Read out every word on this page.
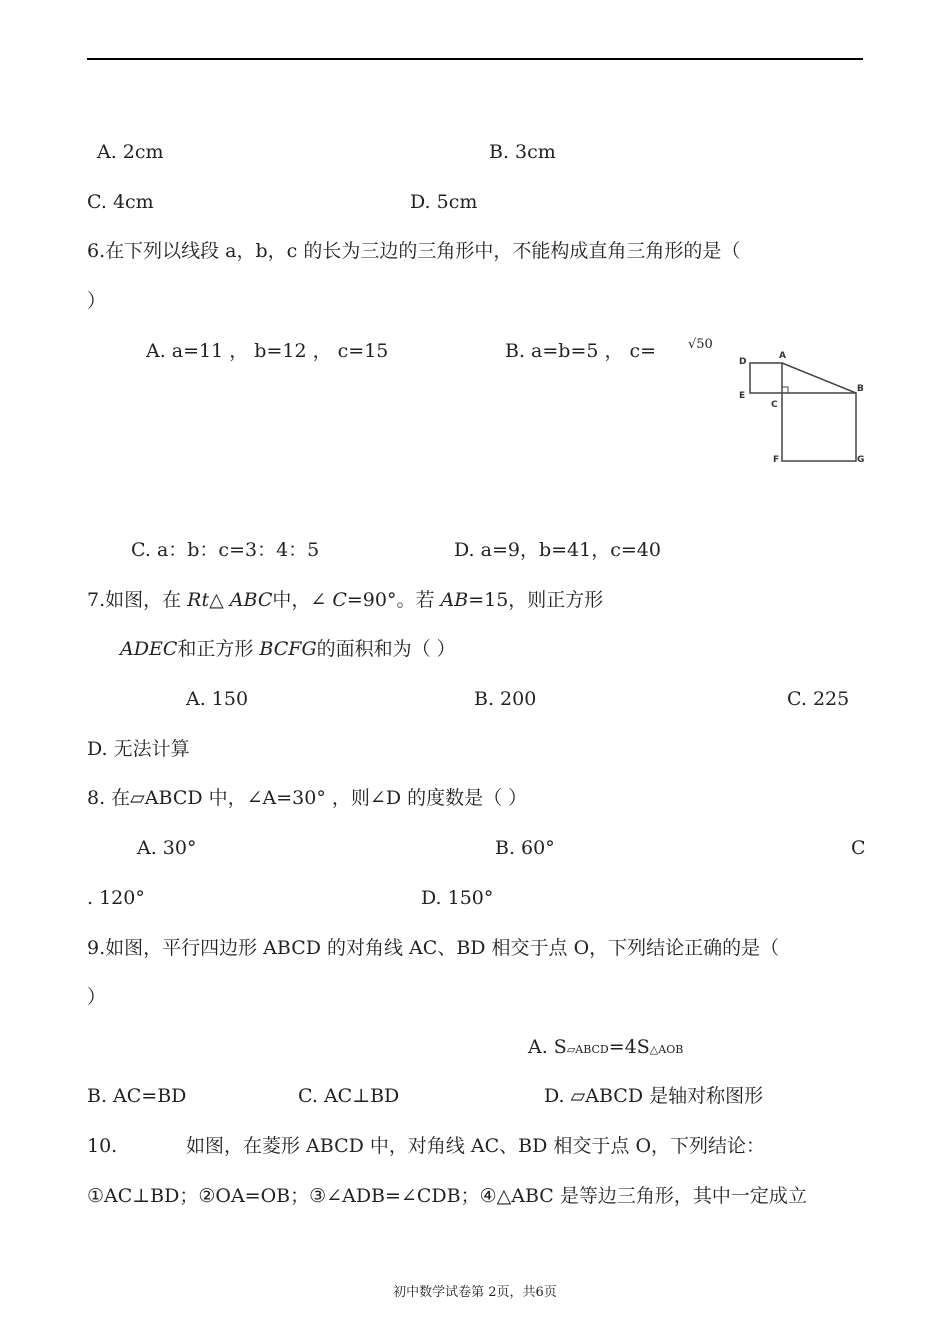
A. 2cm	B. 3cm
C. 4cm	D. 5cm
6.在下列以线段 a，b，c 的长为三边的三角形中，不能构成直角三角形的是（
）
A. a=11 ， b=12 ， c=15	B. a=b=5 ， c= √50
D
A
E
C
B
F	G
C. a：b：c=3：4：5	D. a=9，b=41，c=40
7.如图，在 Rt△ ABC中，∠ C=90°。若 AB=15，则正方形
ADEC和正方形 BCFG的面积和为（ ）
A. 150	B. 200	C. 225
D. 无法计算
8. 在▱ABCD 中，∠A=30° ，则∠D 的度数是（ ）
A. 30°	B. 60°	C
. 120°	D. 150°
9.如图，平行四边形 ABCD 的对角线 AC、BD 相交于点 O，下列结论正确的是（
）
A. S▱ABCD=4S△AOB
B. AC=BD	C. AC⊥BD	D. ▱ABCD 是轴对称图形
10.	如图，在菱形 ABCD 中，对角线 AC、BD 相交于点 O，下列结论：
①AC⊥BD；②OA=OB；③∠ADB=∠CDB；④△ABC 是等边三角形，其中一定成立
初中数学试卷第 2页，共6页
